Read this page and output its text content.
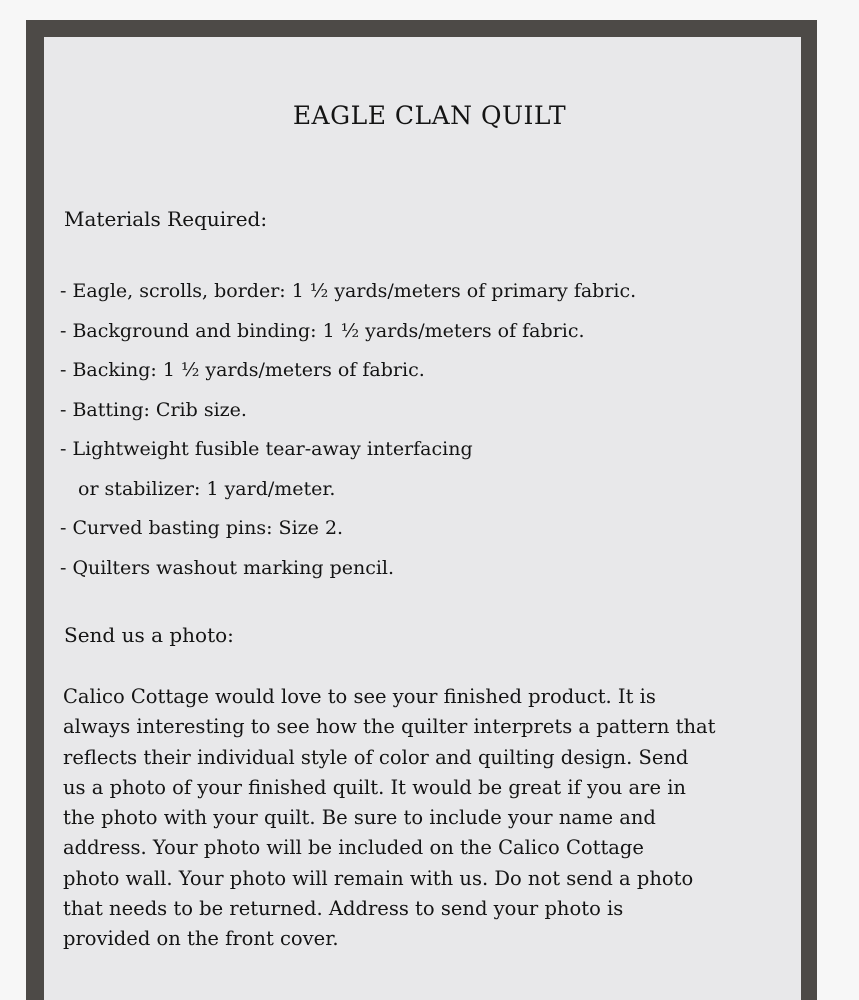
EAGLE CLAN QUILT
Materials Required:
- Eagle, scrolls, border: 1 ½ yards/meters of primary fabric.
- Background and binding: 1 ½ yards/meters of fabric.
- Backing: 1 ½ yards/meters of fabric.
- Batting: Crib size.
- Lightweight fusible tear-away interfacing
or stabilizer: 1 yard/meter.
- Curved basting pins: Size 2.
- Quilters washout marking pencil.
Send us a photo:

Calico Cottage would love to see your finished product. It is
always interesting to see how the quilter interprets a pattern that
reflects their individual style of color and quilting design. Send
us a photo of your finished quilt. It would be great if you are in
the photo with your quilt. Be sure to include your name and
address. Your photo will be included on the Calico Cottage
photo wall. Your photo will remain with us. Do not send a photo
that needs to be returned. Address to send your photo is
provided on the front cover.
